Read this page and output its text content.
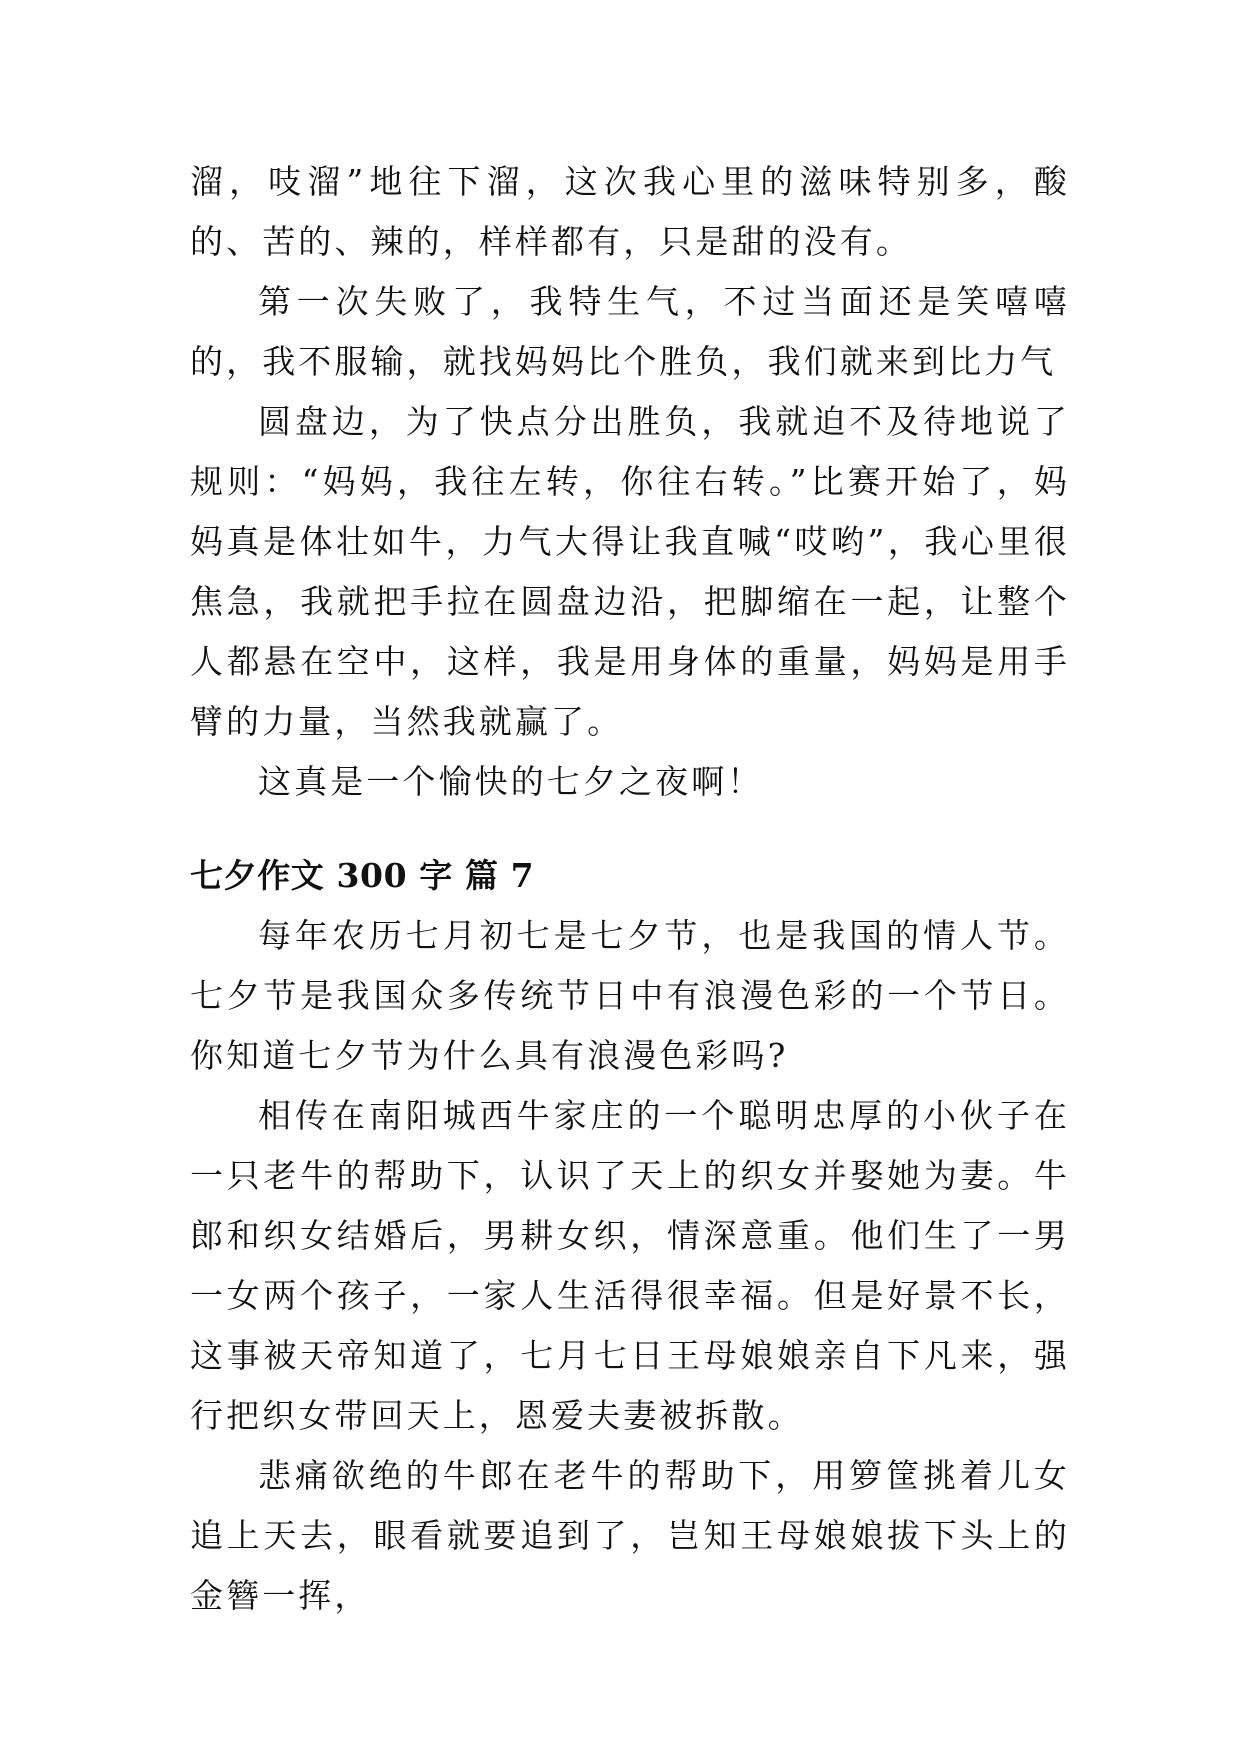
溜，吱溜”地往下溜，这次我心里的滋味特别多，酸的、苦的、辣的，样样都有，只是甜的没有。

第一次失败了，我特生气，不过当面还是笑嘻嘻的，我不服输，就找妈妈比个胜负，我们就来到比力气

圆盘边，为了快点分出胜负，我就迫不及待地说了规则：“妈妈，我往左转，你往右转。”比赛开始了，妈妈真是体壮如牛，力气大得让我直喊“哎哟”，我心里很焦急，我就把手拉在圆盘边沿，把脚缩在一起，让整个人都悬在空中，这样，我是用身体的重量，妈妈是用手臂的力量，当然我就赢了。

这真是一个愉快的七夕之夜啊！

七夕作文 300 字 篇 7

每年农历七月初七是七夕节，也是我国的情人节。七夕节是我国众多传统节日中有浪漫色彩的一个节日。你知道七夕节为什么具有浪漫色彩吗?

相传在南阳城西牛家庄的一个聪明忠厚的小伙子在一只老牛的帮助下，认识了天上的织女并娶她为妻。牛郎和织女结婚后，男耕女织，情深意重。他们生了一男一女两个孩子，一家人生活得很幸福。但是好景不长，这事被天帝知道了，七月七日王母娘娘亲自下凡来，强行把织女带回天上，恩爱夫妻被拆散。

悲痛欲绝的牛郎在老牛的帮助下，用箩筐挑着儿女追上天去，眼看就要追到了，岂知王母娘娘拔下头上的金簪一挥，
